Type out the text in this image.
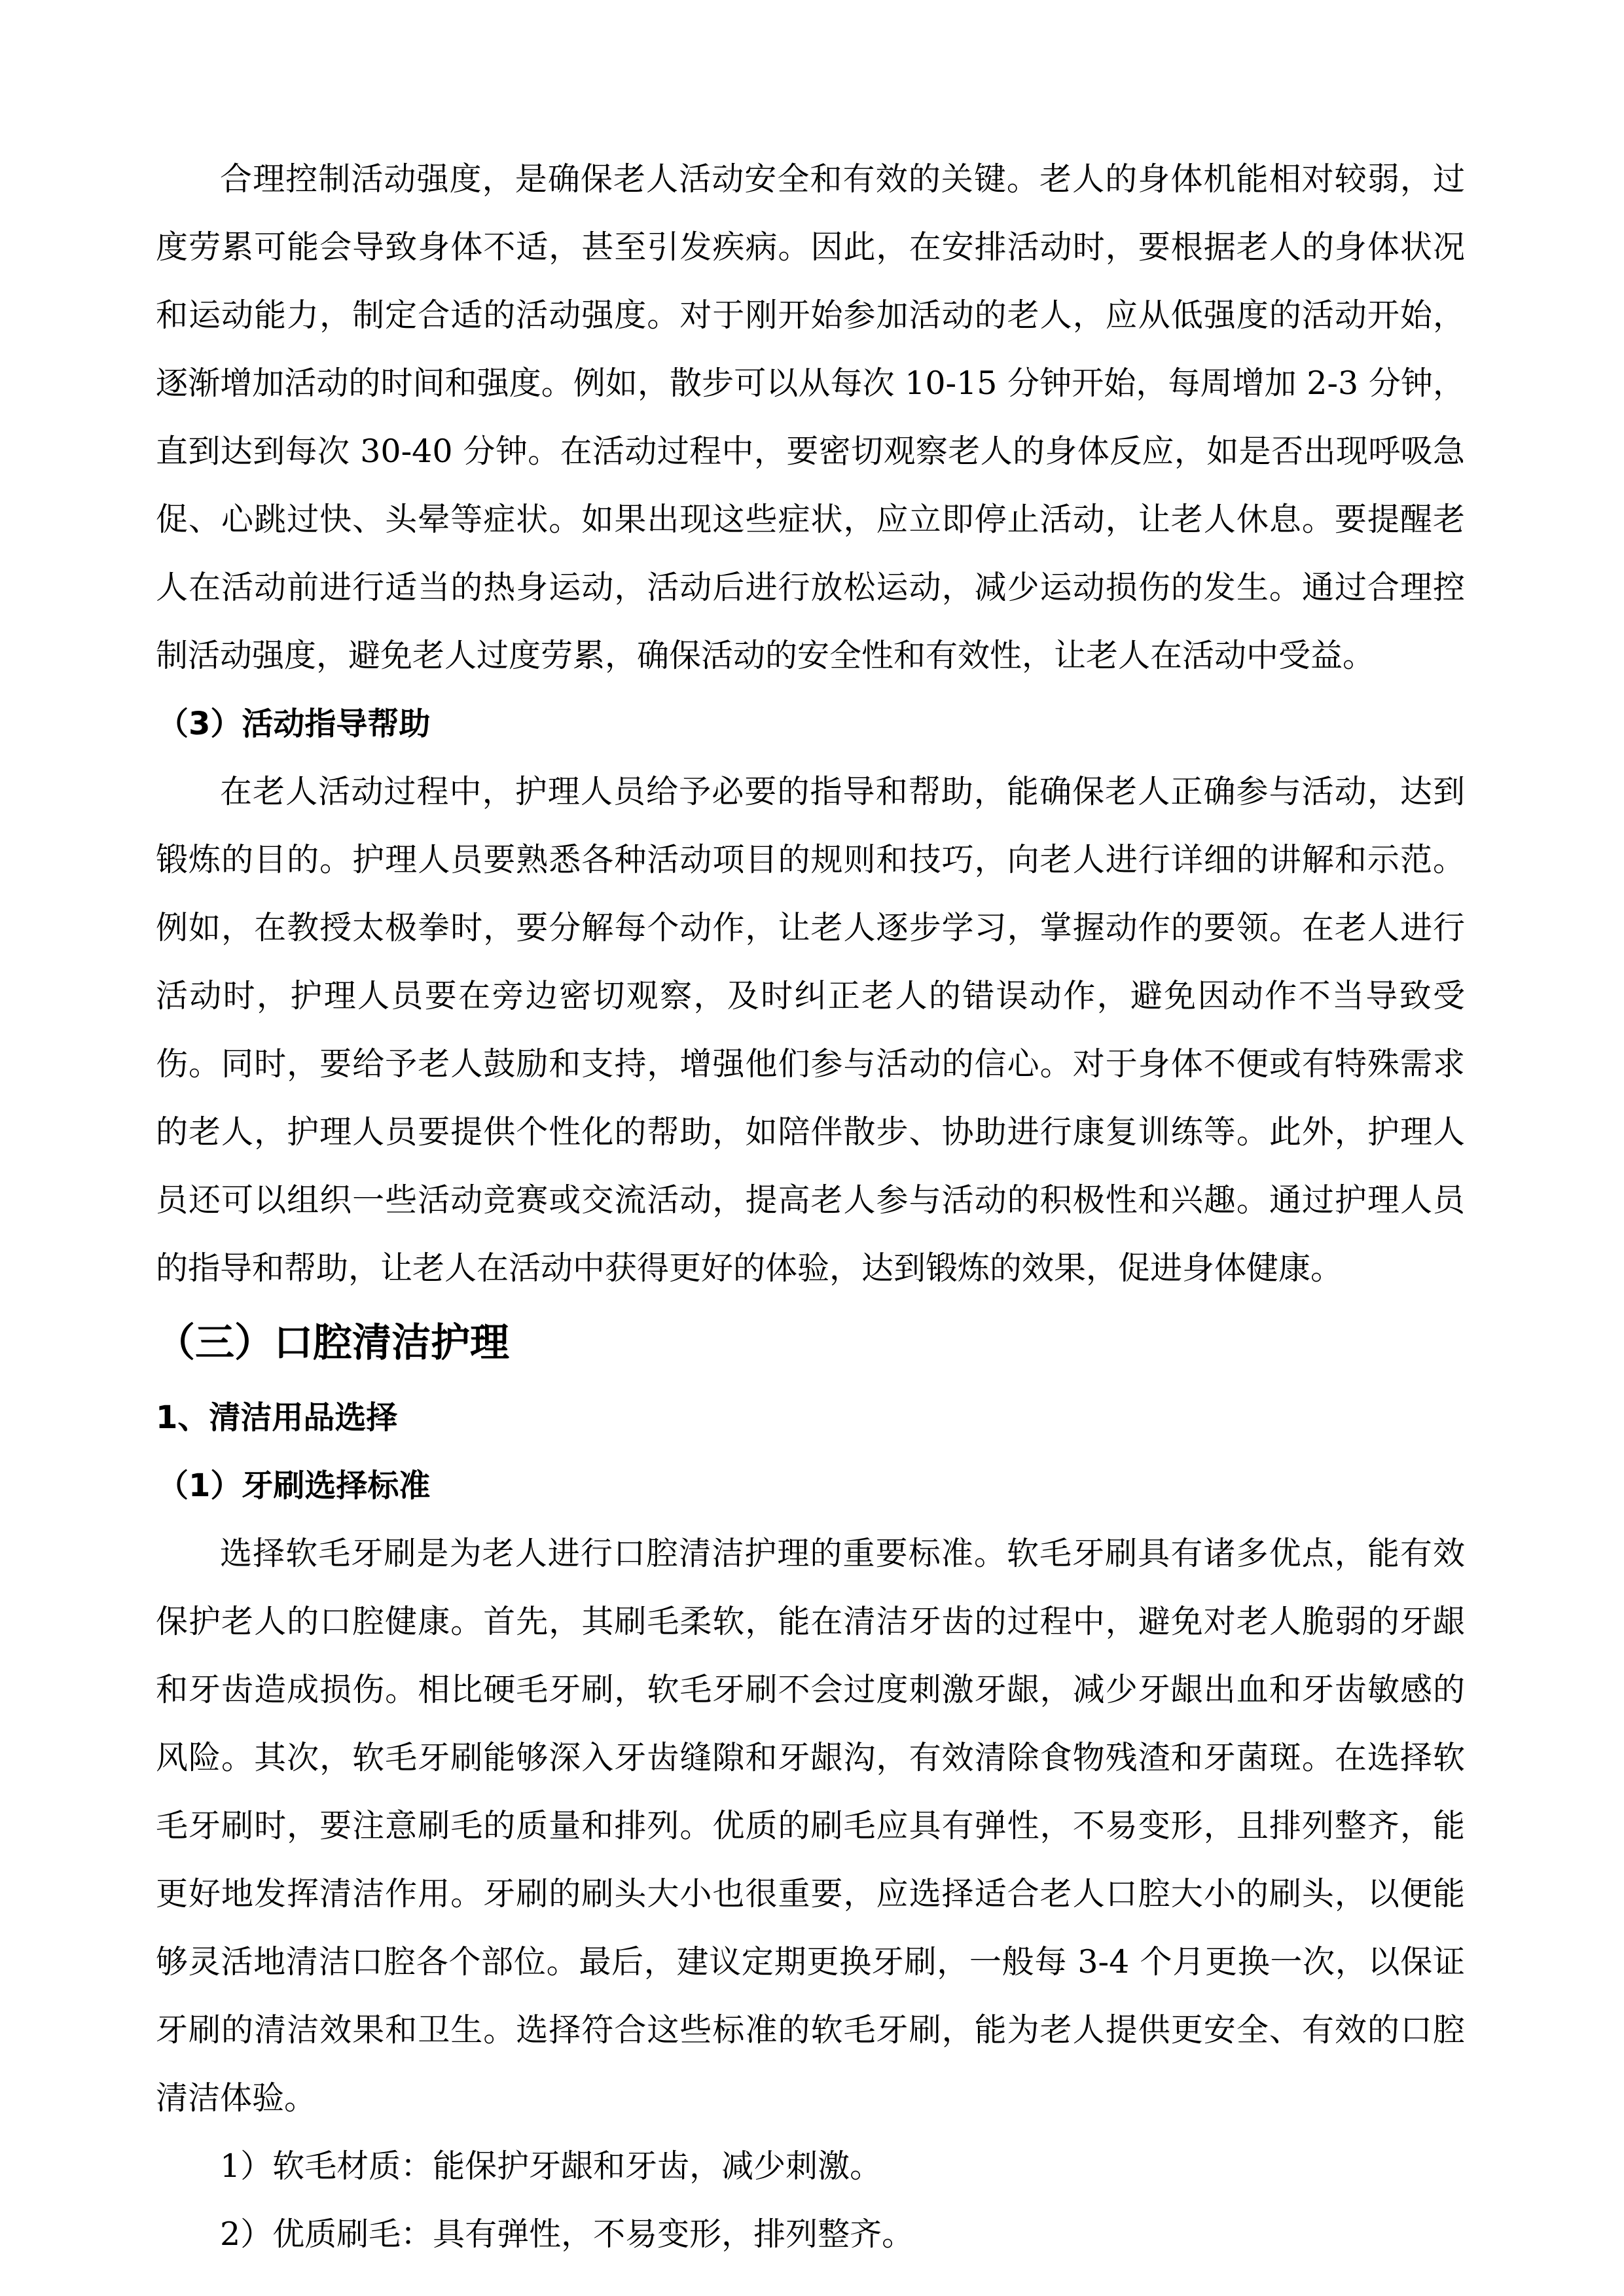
合理控制活动强度，是确保老人活动安全和有效的关键。老人的身体机能相对较弱，过度劳累可能会导致身体不适，甚至引发疾病。因此，在安排活动时，要根据老人的身体状况和运动能力，制定合适的活动强度。对于刚开始参加活动的老人，应从低强度的活动开始，逐渐增加活动的时间和强度。例如，散步可以从每次 10-15 分钟开始，每周增加 2-3 分钟，直到达到每次 30-40 分钟。在活动过程中，要密切观察老人的身体反应，如是否出现呼吸急促、心跳过快、头晕等症状。如果出现这些症状，应立即停止活动，让老人休息。要提醒老人在活动前进行适当的热身运动，活动后进行放松运动，减少运动损伤的发生。通过合理控制活动强度，避免老人过度劳累，确保活动的安全性和有效性，让老人在活动中受益。

（3）活动指导帮助

在老人活动过程中，护理人员给予必要的指导和帮助，能确保老人正确参与活动，达到锻炼的目的。护理人员要熟悉各种活动项目的规则和技巧，向老人进行详细的讲解和示范。例如，在教授太极拳时，要分解每个动作，让老人逐步学习，掌握动作的要领。在老人进行活动时，护理人员要在旁边密切观察，及时纠正老人的错误动作，避免因动作不当导致受伤。同时，要给予老人鼓励和支持，增强他们参与活动的信心。对于身体不便或有特殊需求的老人，护理人员要提供个性化的帮助，如陪伴散步、协助进行康复训练等。此外，护理人员还可以组织一些活动竞赛或交流活动，提高老人参与活动的积极性和兴趣。通过护理人员的指导和帮助，让老人在活动中获得更好的体验，达到锻炼的效果，促进身体健康。

（三）口腔清洁护理

1、清洁用品选择

（1）牙刷选择标准

选择软毛牙刷是为老人进行口腔清洁护理的重要标准。软毛牙刷具有诸多优点，能有效保护老人的口腔健康。首先，其刷毛柔软，能在清洁牙齿的过程中，避免对老人脆弱的牙龈和牙齿造成损伤。相比硬毛牙刷，软毛牙刷不会过度刺激牙龈，减少牙龈出血和牙齿敏感的风险。其次，软毛牙刷能够深入牙齿缝隙和牙龈沟，有效清除食物残渣和牙菌斑。在选择软毛牙刷时，要注意刷毛的质量和排列。优质的刷毛应具有弹性，不易变形，且排列整齐，能更好地发挥清洁作用。牙刷的刷头大小也很重要，应选择适合老人口腔大小的刷头，以便能够灵活地清洁口腔各个部位。最后，建议定期更换牙刷，一般每 3-4 个月更换一次，以保证牙刷的清洁效果和卫生。选择符合这些标准的软毛牙刷，能为老人提供更安全、有效的口腔清洁体验。

1）软毛材质：能保护牙龈和牙齿，减少刺激。

2）优质刷毛：具有弹性，不易变形，排列整齐。
